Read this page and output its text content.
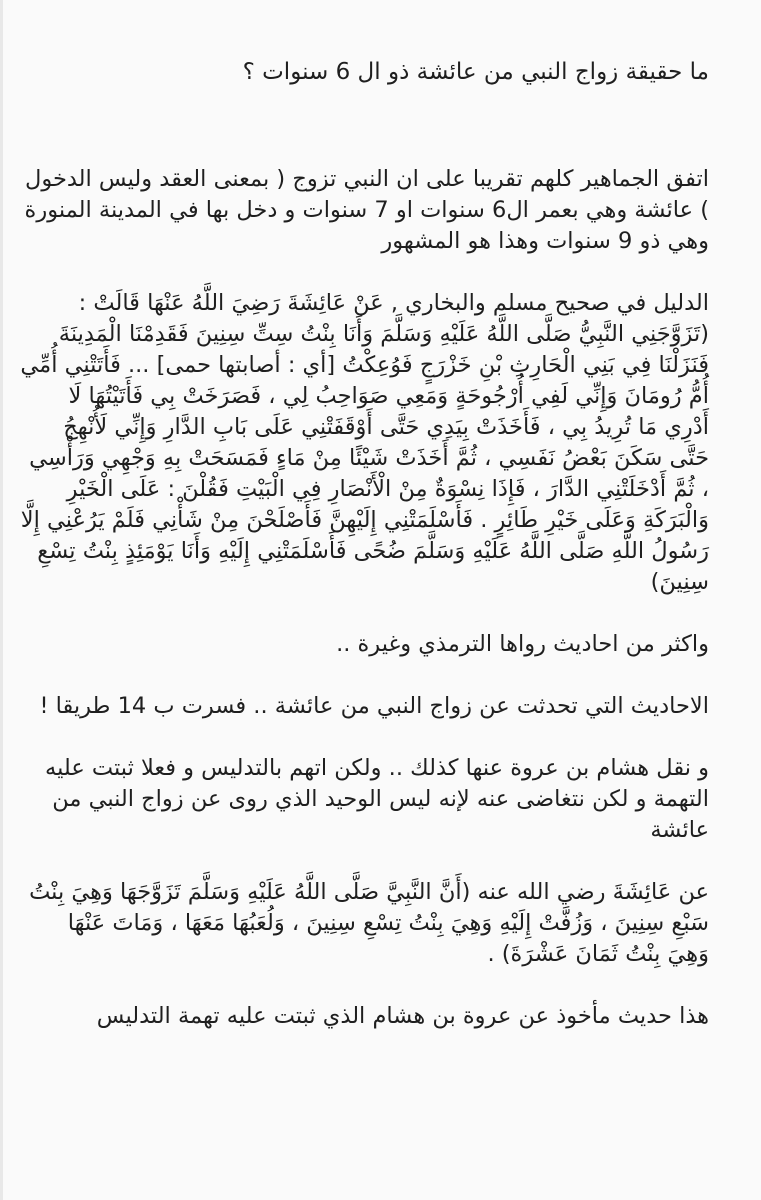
ما حقيقة زواج النبي من عائشة ذو ال 6 سنوات ؟

اتفق الجماهير كلهم تقريبا على ان النبي تزوج ( بمعنى العقد وليس الدخول ) عائشة وهي بعمر ال6 سنوات او 7 سنوات و دخل بها في المدينة المنورة وهي ذو 9 سنوات وهذا هو المشهور

الدليل في صحيح مسلم والبخاري , عَنْ عَائِشَةَ رَضِيَ اللَّهُ عَنْهَا قَالَتْ : (تَزَوَّجَنِي النَّبِيُّ صَلَّى اللَّهُ عَلَيْهِ وَسَلَّمَ وَأَنَا بِنْتُ سِتِّ سِنِينَ فَقَدِمْنَا الْمَدِينَةَ فَنَزَلْنَا فِي بَنِي الْحَارِثِ بْنِ خَزْرَجٍ فَوُعِكْتُ [أي : أصابتها حمى] ... فَأَتَتْنِي أُمِّي أُمُّ رُومَانَ وَإِنِّي لَفِي أُرْجُوحَةٍ وَمَعِي صَوَاحِبُ لِي ، فَصَرَخَتْ بِي فَأَتَيْتُهَا لَا أَدْرِي مَا تُرِيدُ بِي ، فَأَخَذَتْ بِيَدِي حَتَّى أَوْقَفَتْنِي عَلَى بَابِ الدَّارِ وَإِنِّي لَأُنْهِجُ حَتَّى سَكَنَ بَعْضُ نَفَسِي ، ثُمَّ أَخَذَتْ شَيْئًا مِنْ مَاءٍ فَمَسَحَتْ بِهِ وَجْهِي وَرَأْسِي ، ثُمَّ أَدْخَلَتْنِي الدَّارَ ، فَإِذَا نِسْوَةٌ مِنْ الْأَنْصَارِ فِي الْبَيْتِ فَقُلْنَ : عَلَى الْخَيْرِ وَالْبَرَكَةِ وَعَلَى خَيْرِ طَائِرٍ . فَأَسْلَمَتْنِي إِلَيْهِنَّ فَأَصْلَحْنَ مِنْ شَأْنِي فَلَمْ يَرُعْنِي إِلَّا رَسُولُ اللَّهِ صَلَّى اللَّهُ عَلَيْهِ وَسَلَّمَ ضُحًى فَأَسْلَمَتْنِي إِلَيْهِ وَأَنَا يَوْمَئِذٍ بِنْتُ تِسْعِ سِنِينَ)

واكثر من احاديث رواها الترمذي وغيرة ..

الاحاديث التي تحدثت عن زواج النبي من عائشة .. فسرت ب 14 طريقا !

و نقل هشام بن عروة عنها كذلك .. ولكن اتهم بالتدليس و فعلا ثبتت عليه التهمة و لكن نتغاضى عنه لإنه ليس الوحيد الذي روى عن زواج النبي من عائشة

عن عَائِشَةَ رضي الله عنه (أَنَّ النَّبِيَّ صَلَّى اللَّهُ عَلَيْهِ وَسَلَّمَ تَزَوَّجَهَا وَهِيَ بِنْتُ سَبْعِ سِنِينَ ، وَزُفَّتْ إِلَيْهِ وَهِيَ بِنْتُ تِسْعِ سِنِينَ ، وَلُعَبُهَا مَعَهَا ، وَمَاتَ عَنْهَا وَهِيَ بِنْتُ ثَمَانَ عَشْرَةَ) .

هذا حديث مأخوذ عن عروة بن هشام الذي ثبتت عليه تهمة التدليس
